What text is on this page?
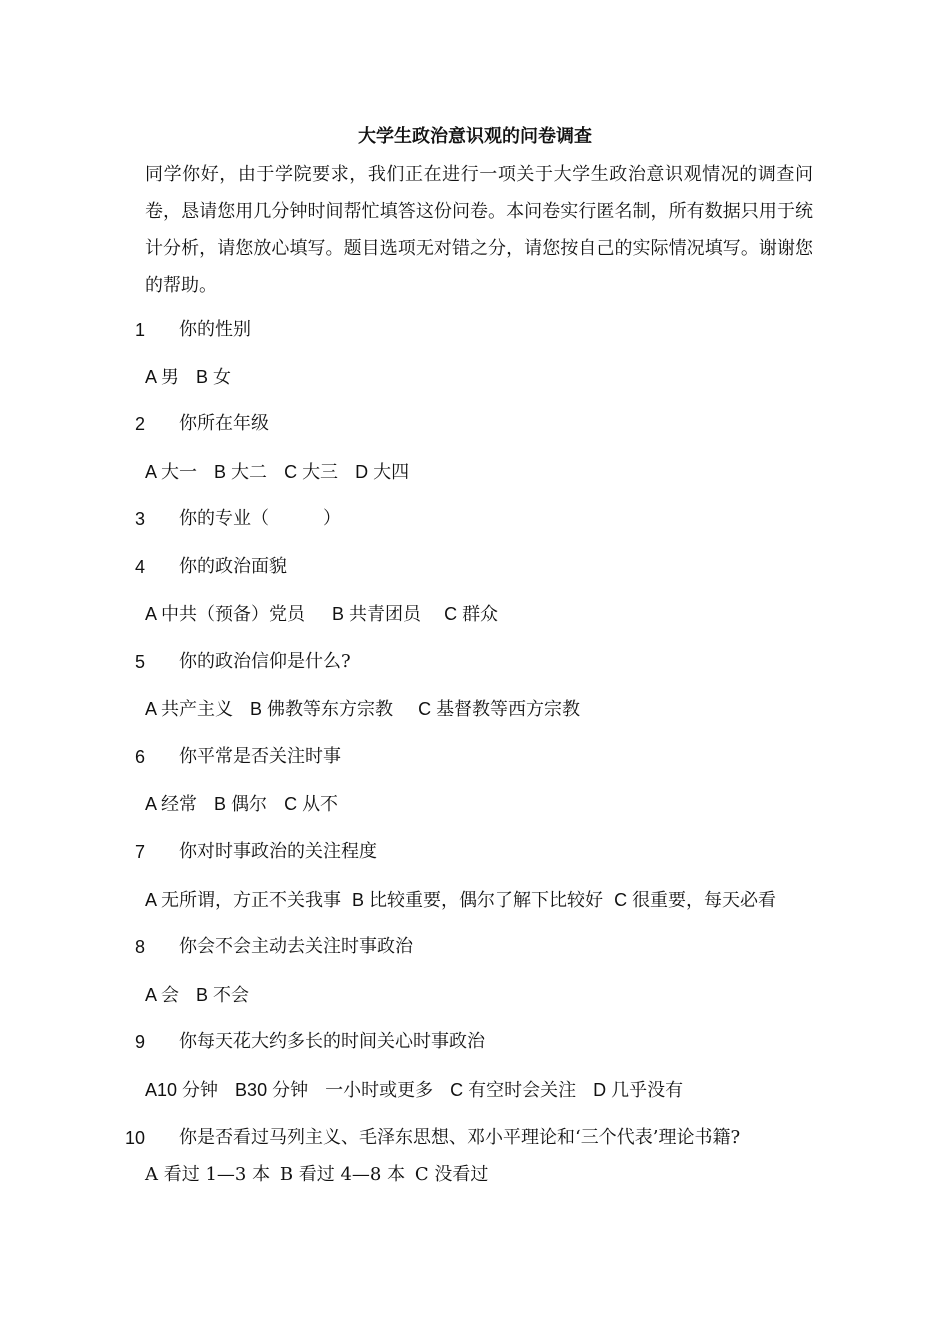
大学生政治意识观的问卷调查
同学你好，由于学院要求，我们正在进行一项关于大学生政治意识观情况的调查问卷，恳请您用几分钟时间帮忙填答这份问卷。本问卷实行匿名制，所有数据只用于统计分析，请您放心填写。题目选项无对错之分，请您按自己的实际情况填写。谢谢您的帮助。
1 你的性别
A 男 B 女
2 你所在年级
A 大一 B 大二 C 大三 D 大四
3 你的专业（　　　）
4 你的政治面貌
A 中共（预备）党员 B 共青团员 C 群众
5 你的政治信仰是什么?
A 共产主义 B 佛教等东方宗教 C 基督教等西方宗教
6 你平常是否关注时事
A 经常 B 偶尔 C 从不
7 你对时事政治的关注程度
A 无所谓，方正不关我事 B 比较重要，偶尔了解下比较好 C 很重要，每天必看
8 你会不会主动去关注时事政治
A 会 B 不会
9 你每天花大约多长的时间关心时事政治
A10 分钟 B30 分钟 一小时或更多 C 有空时会关注 D 几乎没有
10 你是否看过马列主义、毛泽东思想、邓小平理论和‘三个代表’理论书籍?
A 看过 1—3 本 B 看过 4—8 本 C 没看过
